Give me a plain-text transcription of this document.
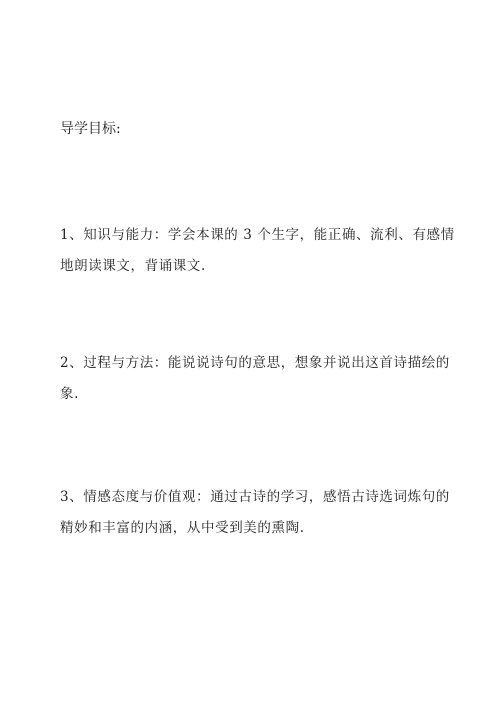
导学目标:
1、知识与能力：学会本课的 3 个生字，能正确、流利、有感情
地朗读课文，背诵课文.
2、过程与方法：能说说诗句的意思，想象并说出这首诗描绘的
象.
3、情感态度与价值观：通过古诗的学习，感悟古诗选词炼句的
精妙和丰富的内涵，从中受到美的熏陶.
